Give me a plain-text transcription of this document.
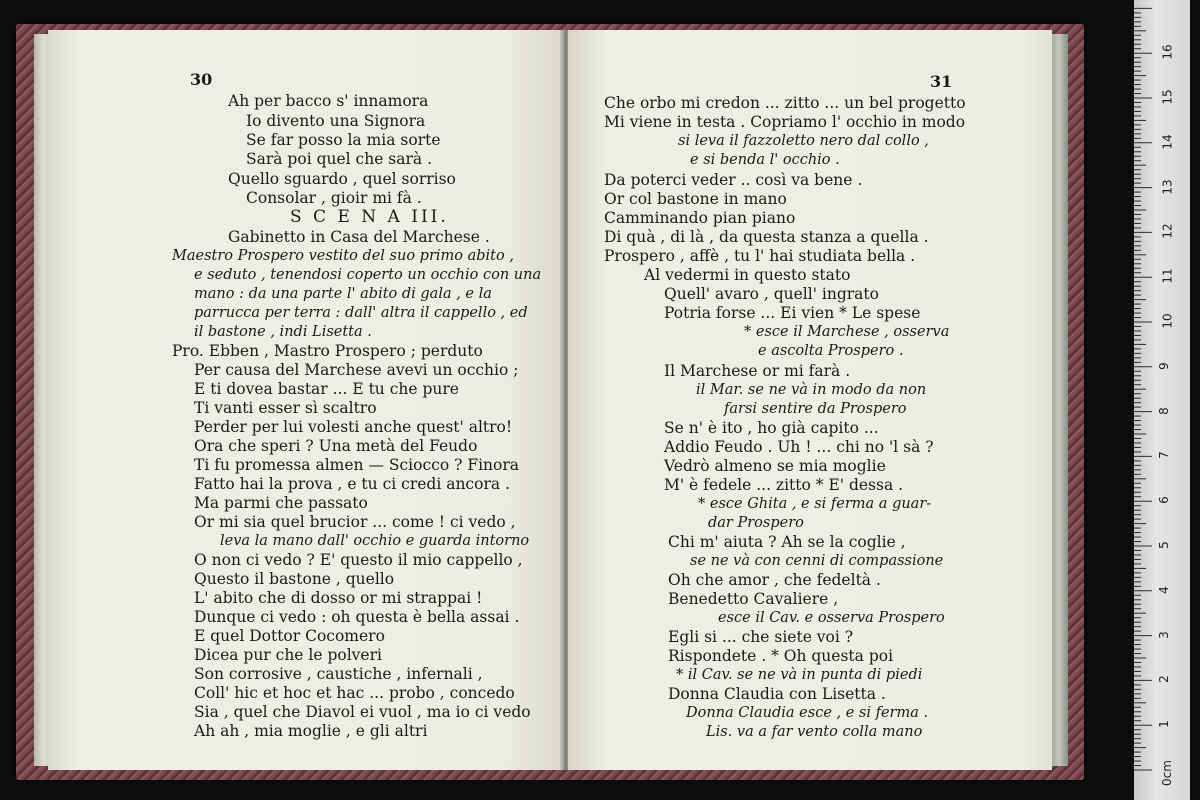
30
Ah per bacco s' innamora
Io divento una Signora
Se far posso la mia sorte
Sarà poi quel che sarà .
Quello sguardo , quel sorriso
Consolar , gioir mi fà .
S C E N A III.
Gabinetto in Casa del Marchese .
Maestro Prospero vestito del suo primo abito ,
e seduto , tenendosi coperto un occhio con una
mano : da una parte l' abito di gala , e la
parrucca per terra : dall' altra il cappello , ed
il bastone , indi Lisetta .
Pro. Ebben , Mastro Prospero ; perduto
Per causa del Marchese avevi un occhio ;
E ti dovea bastar ... E tu che pure
Ti vanti esser sì scaltro
Perder per lui volesti anche quest' altro!
Ora che speri ? Una metà del Feudo
Ti fu promessa almen — Sciocco ? Finora
Fatto hai la prova , e tu ci credi ancora .
Ma parmi che passato
Or mi sia quel brucior ... come ! ci vedo ,
leva la mano dall' occhio e guarda intorno
O non ci vedo ? E' questo il mio cappello ,
Questo il bastone , quello
L' abito che di dosso or mi strappai !
Dunque ci vedo : oh questa è bella assai .
E quel Dottor Cocomero
Dicea pur che le polveri
Son corrosive , caustiche , infernali ,
Coll' hic et hoc et hac ... probo , concedo
Sia , quel che Diavol ei vuol , ma io ci vedo
Ah ah , mia moglie , e gli altri
31
Che orbo mi credon ... zitto ... un bel progetto
Mi viene in testa . Copriamo l' occhio in modo
si leva il fazzoletto nero dal collo ,
e si benda l' occhio .
Da poterci veder .. così va bene .
Or col bastone in mano
Camminando pian piano
Di quà , di là , da questa stanza a quella .
Prospero , affè , tu l' hai studiata bella .
Al vedermi in questo stato
Quell' avaro , quell' ingrato
Potria forse ... Ei vien * Le spese
* esce il Marchese , osserva
e ascolta Prospero .
Il Marchese or mi farà .
il Mar. se ne và in modo da non
farsi sentire da Prospero
Se n' è ito , ho già capito ...
Addio Feudo . Uh ! ... chi no 'l sà ?
Vedrò almeno se mia moglie
M' è fedele ... zitto * E' dessa .
* esce Ghita , e si ferma a guar-
dar Prospero
Chi m' aiuta ? Ah se la coglie ,
se ne và con cenni di compassione
Oh che amor , che fedeltà .
Benedetto Cavaliere ,
esce il Cav. e osserva Prospero
Egli si ... che siete voi ?
Rispondete . * Oh questa poi
* il Cav. se ne và in punta di piedi
Donna Claudia con Lisetta .
Donna Claudia esce , e si ferma .
Lis. va a far vento colla mano
0cm
1
2
3
4
5
6
7
8
9
10
11
12
13
14
15
16
